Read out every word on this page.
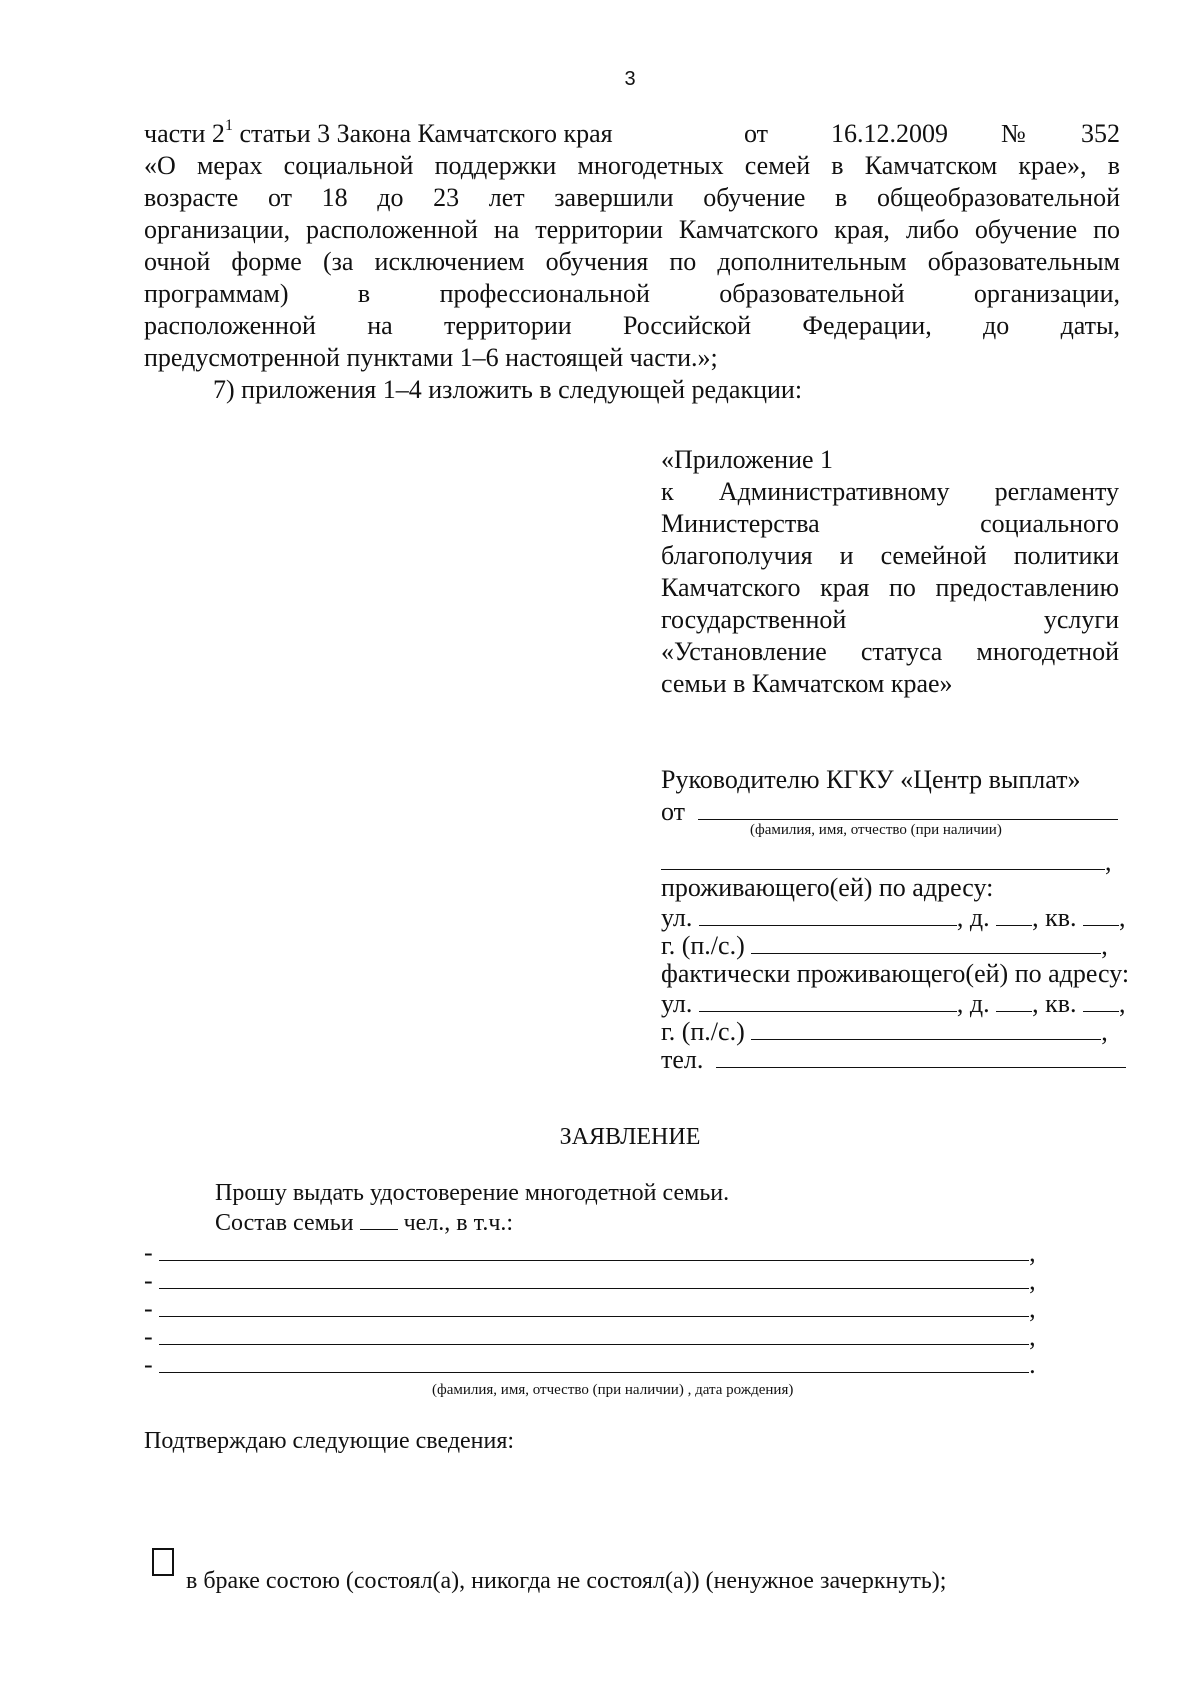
3
части $2^1$ статьи 3 Закона Камчатского края	от 16.12.2009 № 352
«О мерах социальной поддержки многодетных семей в Камчатском крае», в
возрасте от 18 до 23 лет завершили обучение в общеобразовательной
организации, расположенной на территории Камчатского края, либо обучение по
очной форме (за исключением обучения по дополнительным образовательным
программам) в профессиональной образовательной организации,
расположенной на территории Российской Федерации, до даты,
предусмотренной пунктами 1–6 настоящей части.»;
7) приложения 1–4 изложить в следующей редакции:
«Приложение 1
к Административному регламенту
Министерства социального
благополучия и семейной политики
Камчатского края по предоставлению
государственной услуги
«Установление статуса многодетной
семьи в Камчатском крае»
Руководителю КГКУ «Центр выплат»
от
(фамилия, имя, отчество (при наличии)
,
проживающего(ей) по адресу:
ул.	, д. , кв. ,
г. (п./с.)	,
фактически проживающего(ей) по адресу:
ул.	, д. , кв. ,
г. (п./с.)	,
тел.
ЗАЯВЛЕНИЕ
Прошу выдать удостоверение многодетной семьи.
Состав семьи чел., в т.ч.:
-	,
-	,
-	,
-	,
-	.
(фамилия, имя, отчество (при наличии) , дата рождения)
Подтверждаю следующие сведения:
в браке состою (состоял(а), никогда не состоял(а)) (ненужное зачеркнуть);
